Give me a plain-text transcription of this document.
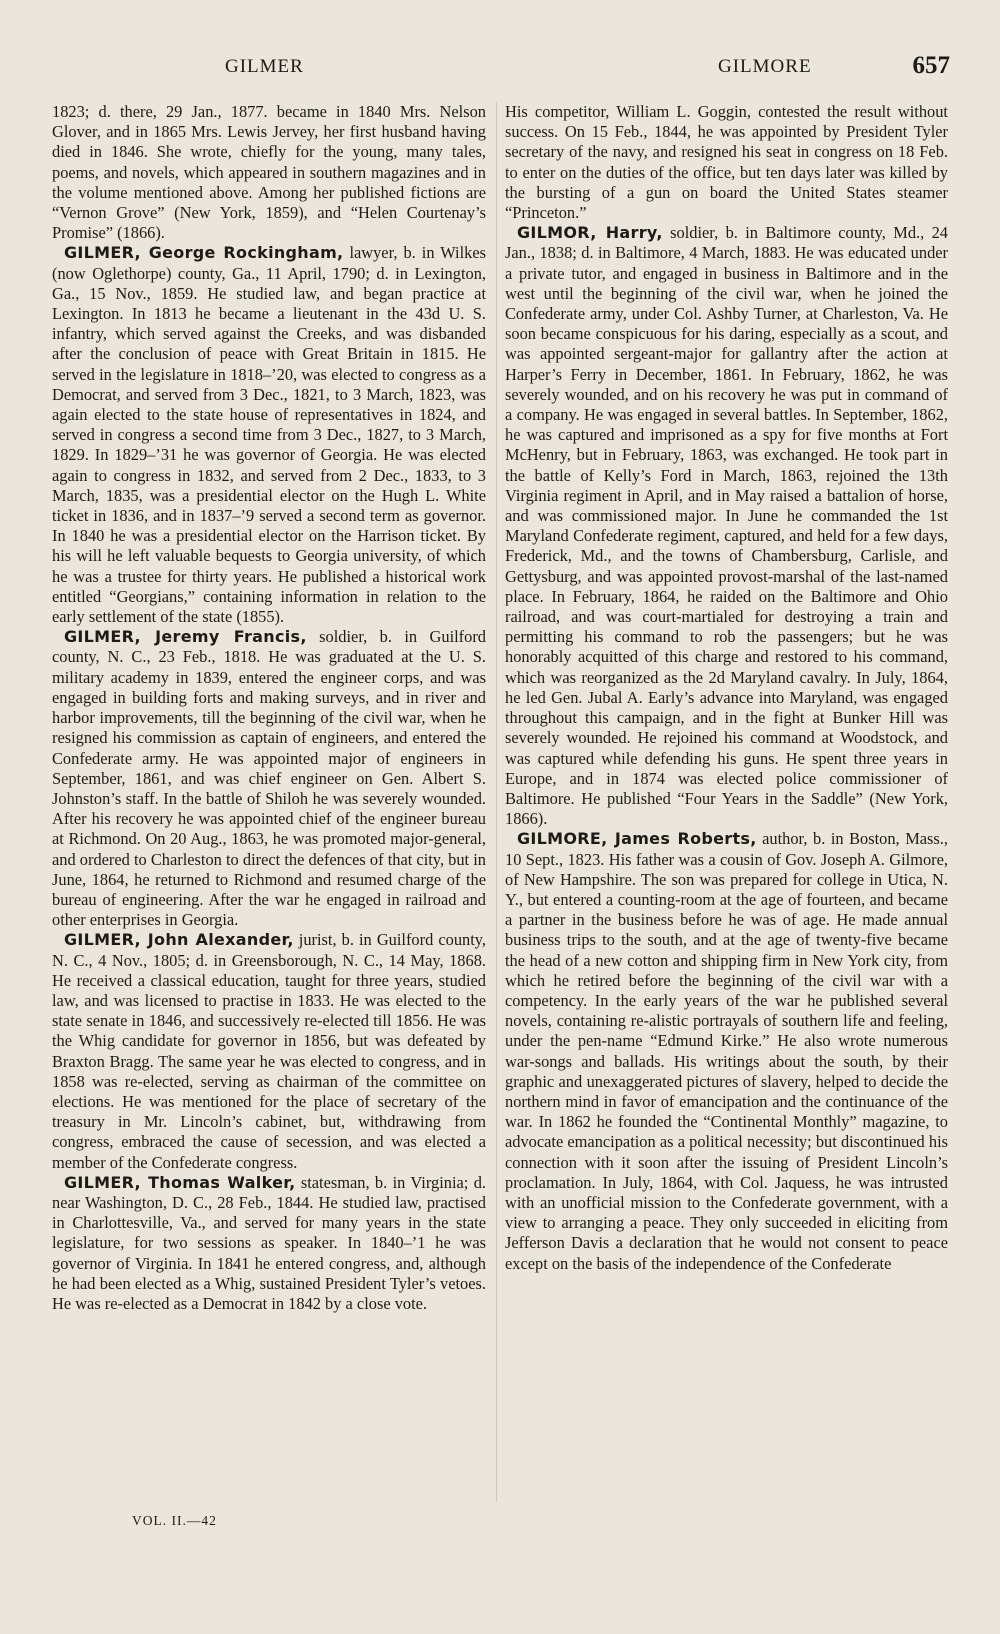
GILMER	GILMORE	657

1823; d. there, 29 Jan., 1877. became in 1840 Mrs. Nelson Glover, and in 1865 Mrs. Lewis Jervey, her first husband having died in 1846. She wrote, chiefly for the young, many tales, poems, and novels, which appeared in southern magazines and in the volume mentioned above. Among her published fictions are “Vernon Grove” (New York, 1859), and “Helen Courtenay’s Promise” (1866).

GILMER, George Rockingham, lawyer, b. in Wilkes (now Oglethorpe) county, Ga., 11 April, 1790; d. in Lexington, Ga., 15 Nov., 1859. He studied law, and began practice at Lexington. In 1813 he became a lieutenant in the 43d U. S. infantry, which served against the Creeks, and was disbanded after the conclusion of peace with Great Britain in 1815. He served in the legislature in 1818–’20, was elected to congress as a Democrat, and served from 3 Dec., 1821, to 3 March, 1823, was again elected to the state house of representatives in 1824, and served in congress a second time from 3 Dec., 1827, to 3 March, 1829. In 1829–’31 he was governor of Georgia. He was elected again to congress in 1832, and served from 2 Dec., 1833, to 3 March, 1835, was a presidential elector on the Hugh L. White ticket in 1836, and in 1837–’9 served a second term as governor. In 1840 he was a presidential elector on the Harrison ticket. By his will he left valuable bequests to Georgia university, of which he was a trustee for thirty years. He published a historical work entitled “Georgians,” containing information in relation to the early settlement of the state (1855).

GILMER, Jeremy Francis, soldier, b. in Guilford county, N. C., 23 Feb., 1818. He was graduated at the U. S. military academy in 1839, entered the engineer corps, and was engaged in building forts and making surveys, and in river and harbor improvements, till the beginning of the civil war, when he resigned his commission as captain of engineers, and entered the Confederate army. He was appointed major of engineers in September, 1861, and was chief engineer on Gen. Albert S. Johnston’s staff. In the battle of Shiloh he was severely wounded. After his recovery he was appointed chief of the engineer bureau at Richmond. On 20 Aug., 1863, he was promoted major-general, and ordered to Charleston to direct the defences of that city, but in June, 1864, he returned to Richmond and resumed charge of the bureau of engineering. After the war he engaged in railroad and other enterprises in Georgia.

GILMER, John Alexander, jurist, b. in Guilford county, N. C., 4 Nov., 1805; d. in Greensborough, N. C., 14 May, 1868. He received a classical education, taught for three years, studied law, and was licensed to practise in 1833. He was elected to the state senate in 1846, and successively re-elected till 1856. He was the Whig candidate for governor in 1856, but was defeated by Braxton Bragg. The same year he was elected to congress, and in 1858 was re-elected, serving as chairman of the committee on elections. He was mentioned for the place of secretary of the treasury in Mr. Lincoln’s cabinet, but, withdrawing from congress, embraced the cause of secession, and was elected a member of the Confederate congress.

GILMER, Thomas Walker, statesman, b. in Virginia; d. near Washington, D. C., 28 Feb., 1844. He studied law, practised in Charlottesville, Va., and served for many years in the state legislature, for two sessions as speaker. In 1840–’1 he was governor of Virginia. In 1841 he entered congress, and, although he had been elected as a Whig, sustained President Tyler’s vetoes. He was re-elected as a Democrat in 1842 by a close vote.

His competitor, William L. Goggin, contested the result without success. On 15 Feb., 1844, he was appointed by President Tyler secretary of the navy, and resigned his seat in congress on 18 Feb. to enter on the duties of the office, but ten days later was killed by the bursting of a gun on board the United States steamer “Princeton.”

GILMOR, Harry, soldier, b. in Baltimore county, Md., 24 Jan., 1838; d. in Baltimore, 4 March, 1883. He was educated under a private tutor, and engaged in business in Baltimore and in the west until the beginning of the civil war, when he joined the Confederate army, under Col. Ashby Turner, at Charleston, Va. He soon became conspicuous for his daring, especially as a scout, and was appointed sergeant-major for gallantry after the action at Harper’s Ferry in December, 1861. In February, 1862, he was severely wounded, and on his recovery he was put in command of a company. He was engaged in several battles. In September, 1862, he was captured and imprisoned as a spy for five months at Fort McHenry, but in February, 1863, was exchanged. He took part in the battle of Kelly’s Ford in March, 1863, rejoined the 13th Virginia regiment in April, and in May raised a battalion of horse, and was commissioned major. In June he commanded the 1st Maryland Confederate regiment, captured, and held for a few days, Frederick, Md., and the towns of Chambersburg, Carlisle, and Gettysburg, and was appointed provost-marshal of the last-named place. In February, 1864, he raided on the Baltimore and Ohio railroad, and was court-martialed for destroying a train and permitting his command to rob the passengers; but he was honorably acquitted of this charge and restored to his command, which was reorganized as the 2d Maryland cavalry. In July, 1864, he led Gen. Jubal A. Early’s advance into Maryland, was engaged throughout this campaign, and in the fight at Bunker Hill was severely wounded. He rejoined his command at Woodstock, and was captured while defending his guns. He spent three years in Europe, and in 1874 was elected police commissioner of Baltimore. He published “Four Years in the Saddle” (New York, 1866).

GILMORE, James Roberts, author, b. in Boston, Mass., 10 Sept., 1823. His father was a cousin of Gov. Joseph A. Gilmore, of New Hampshire. The son was prepared for college in Utica, N. Y., but entered a counting-room at the age of fourteen, and became a partner in the business before he was of age. He made annual business trips to the south, and at the age of twenty-five became the head of a new cotton and shipping firm in New York city, from which he retired before the beginning of the civil war with a competency. In the early years of the war he published several novels, containing re-alistic portrayals of southern life and feeling, under the pen-name “Edmund Kirke.” He also wrote numerous war-songs and ballads. His writings about the south, by their graphic and unexaggerated pictures of slavery, helped to decide the northern mind in favor of emancipation and the continuance of the war. In 1862 he founded the “Continental Monthly” magazine, to advocate emancipation as a political necessity; but discontinued his connection with it soon after the issuing of President Lincoln’s proclamation. In July, 1864, with Col. Jaquess, he was intrusted with an unofficial mission to the Confederate government, with a view to arranging a peace. They only succeeded in eliciting from Jefferson Davis a declaration that he would not consent to peace except on the basis of the independence of the Confederate

VOL. II.—42
